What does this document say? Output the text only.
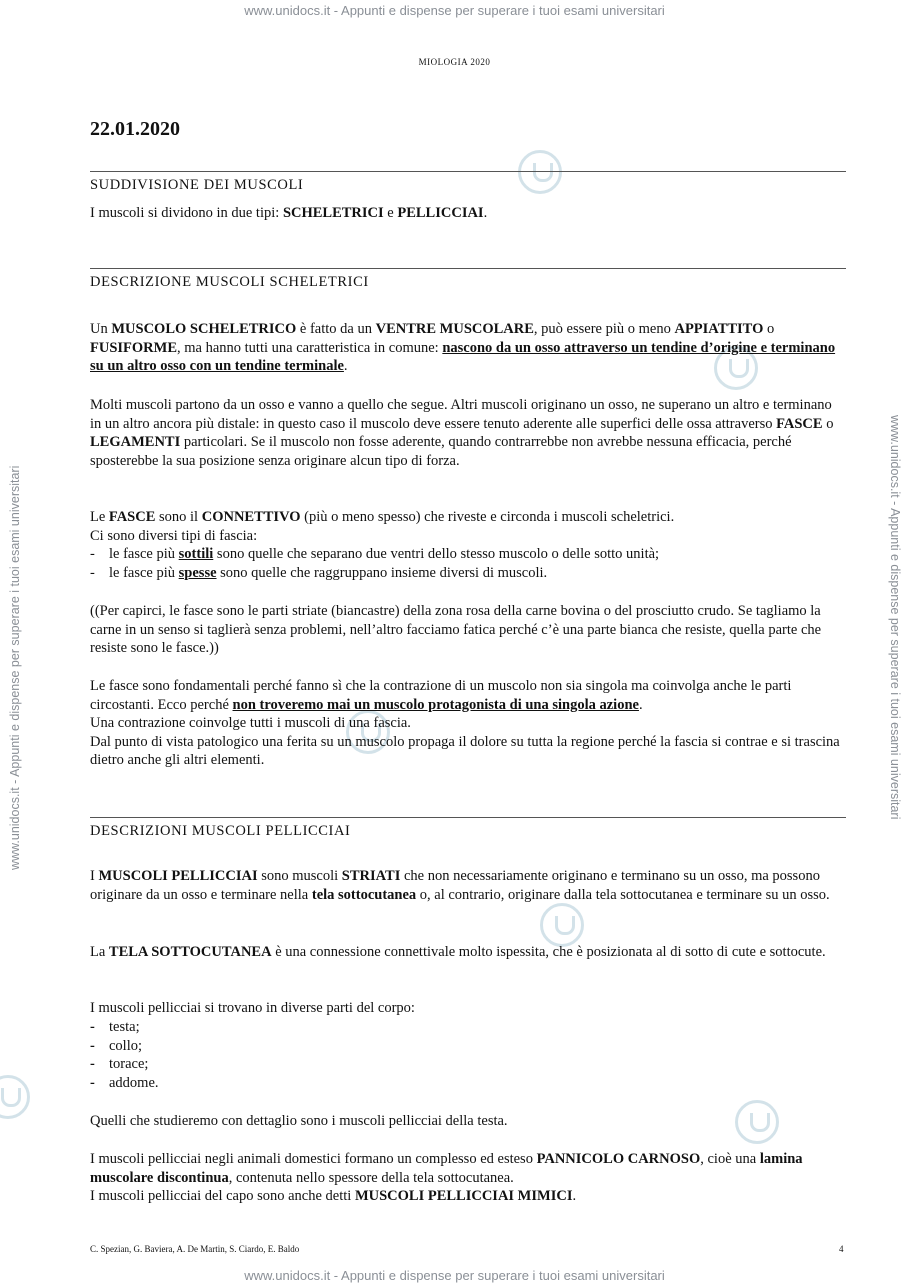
www.unidocs.it - Appunti e dispense per superare i tuoi esami universitari
www.unidocs.it - Appunti e dispense per superare i tuoi esami universitari
www.unidocs.it - Appunti e dispense per superare i tuoi esami universitari	www.unidocs.it - Appunti e dispense per superare i tuoi esami universitari
MIOLOGIA 2020
22.01.2020
SUDDIVISIONE DEI MUSCOLI
I muscoli si dividono in due tipi: SCHELETRICI e PELLICCIAI.
DESCRIZIONE MUSCOLI SCHELETRICI
Un MUSCOLO SCHELETRICO è fatto da un VENTRE MUSCOLARE, può essere più o meno APPIATTITO o FUSIFORME, ma hanno tutti una caratteristica in comune: nascono da un osso attraverso un tendine d’origine e terminano su un altro osso con un tendine terminale.
Molti muscoli partono da un osso e vanno a quello che segue. Altri muscoli originano un osso, ne superano un altro e terminano in un altro ancora più distale: in questo caso il muscolo deve essere tenuto aderente alle superfici delle ossa attraverso FASCE o LEGAMENTI particolari. Se il muscolo non fosse aderente, quando contrarrebbe non avrebbe nessuna efficacia, perché sposterebbe la sua posizione senza originare alcun tipo di forza.
Le FASCE sono il CONNETTIVO (più o meno spesso) che riveste e circonda i muscoli scheletrici.
Ci sono diversi tipi di fascia:
- le fasce più sottili sono quelle che separano due ventri dello stesso muscolo o delle sotto unità;
- le fasce più spesse sono quelle che raggruppano insieme diversi di muscoli.
((Per capirci, le fasce sono le parti striate (biancastre) della zona rosa della carne bovina o del prosciutto crudo. Se tagliamo la carne in un senso si taglierà senza problemi, nell’altro facciamo fatica perché c’è una parte bianca che resiste, quella parte che resiste sono le fasce.))
Le fasce sono fondamentali perché fanno sì che la contrazione di un muscolo non sia singola ma coinvolga anche le parti circostanti. Ecco perché non troveremo mai un muscolo protagonista di una singola azione.
Una contrazione coinvolge tutti i muscoli di una fascia.
Dal punto di vista patologico una ferita su un muscolo propaga il dolore su tutta la regione perché la fascia si contrae e si trascina dietro anche gli altri elementi.
DESCRIZIONI MUSCOLI PELLICCIAI
I MUSCOLI PELLICCIAI sono muscoli STRIATI che non necessariamente originano e terminano su un osso, ma possono originare da un osso e terminare nella tela sottocutanea o, al contrario, originare dalla tela sottocutanea e terminare su un osso.
La TELA SOTTOCUTANEA è una connessione connettivale molto ispessita, che è posizionata al di sotto di cute e sottocute.
I muscoli pellicciai si trovano in diverse parti del corpo:
- testa;
- collo;
- torace;
- addome.
Quelli che studieremo con dettaglio sono i muscoli pellicciai della testa.
I muscoli pellicciai negli animali domestici formano un complesso ed esteso PANNICOLO CARNOSO, cioè una lamina muscolare discontinua, contenuta nello spessore della tela sottocutanea.
I muscoli pellicciai del capo sono anche detti MUSCOLI PELLICCIAI MIMICI.
C. Spezian, G. Baviera, A. De Martin, S. Ciardo, E. Baldo	4
